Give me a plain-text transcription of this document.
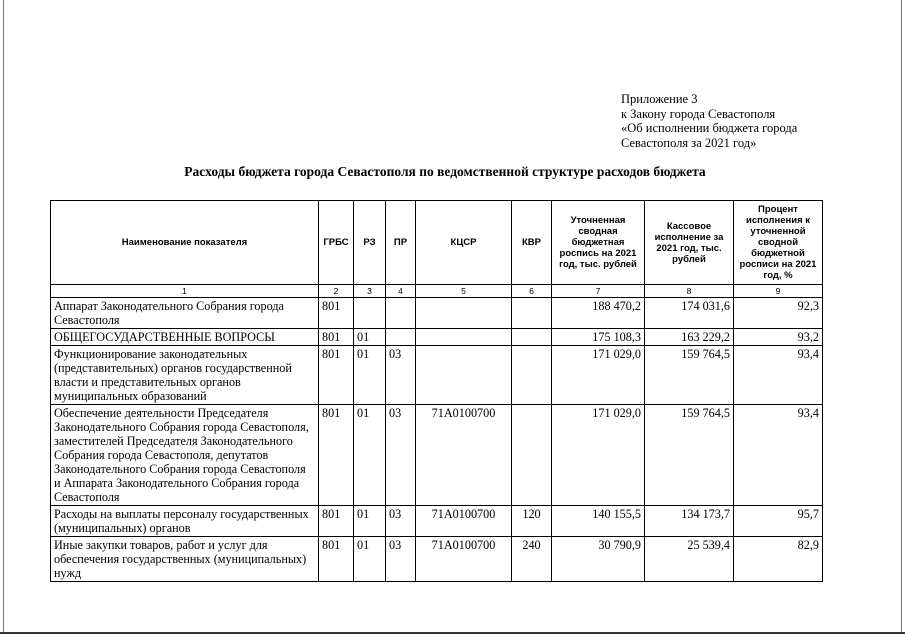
Приложение 3
к Закону города Севастополя
«Об исполнении бюджета города
Севастополя за 2021 год»
Расходы бюджета города Севастополя по ведомственной структуре расходов бюджета
Наименование показателя	ГРБС	РЗ	ПР	КЦСР	КВР	Уточненная сводная бюджетная роспись на 2021 год, тыс. рублей	Кассовое исполнение за 2021 год, тыс. рублей	Процент исполнения к уточненной сводной бюджетной росписи на 2021 год, %
1	2	3	4	5	6	7	8	9
Аппарат Законодательного Собрания города Севастополя	801					188 470,2	174 031,6	92,3
ОБЩЕГОСУДАРСТВЕННЫЕ ВОПРОСЫ	801	01				175 108,3	163 229,2	93,2
Функционирование законодательных (представительных) органов государственной власти и представительных органов муниципальных образований	801	01	03			171 029,0	159 764,5	93,4
Обеспечение деятельности Председателя Законодательного Собрания города Севастополя, заместителей Председателя Законодательного Собрания города Севастополя, депутатов Законодательного Собрания города Севастополя и Аппарата Законодательного Собрания города Севастополя	801	01	03	71А0100700		171 029,0	159 764,5	93,4
Расходы на выплаты персоналу государственных (муниципальных) органов	801	01	03	71А0100700	120	140 155,5	134 173,7	95,7
Иные закупки товаров, работ и услуг для обеспечения государственных (муниципальных) нужд	801	01	03	71А0100700	240	30 790,9	25 539,4	82,9
